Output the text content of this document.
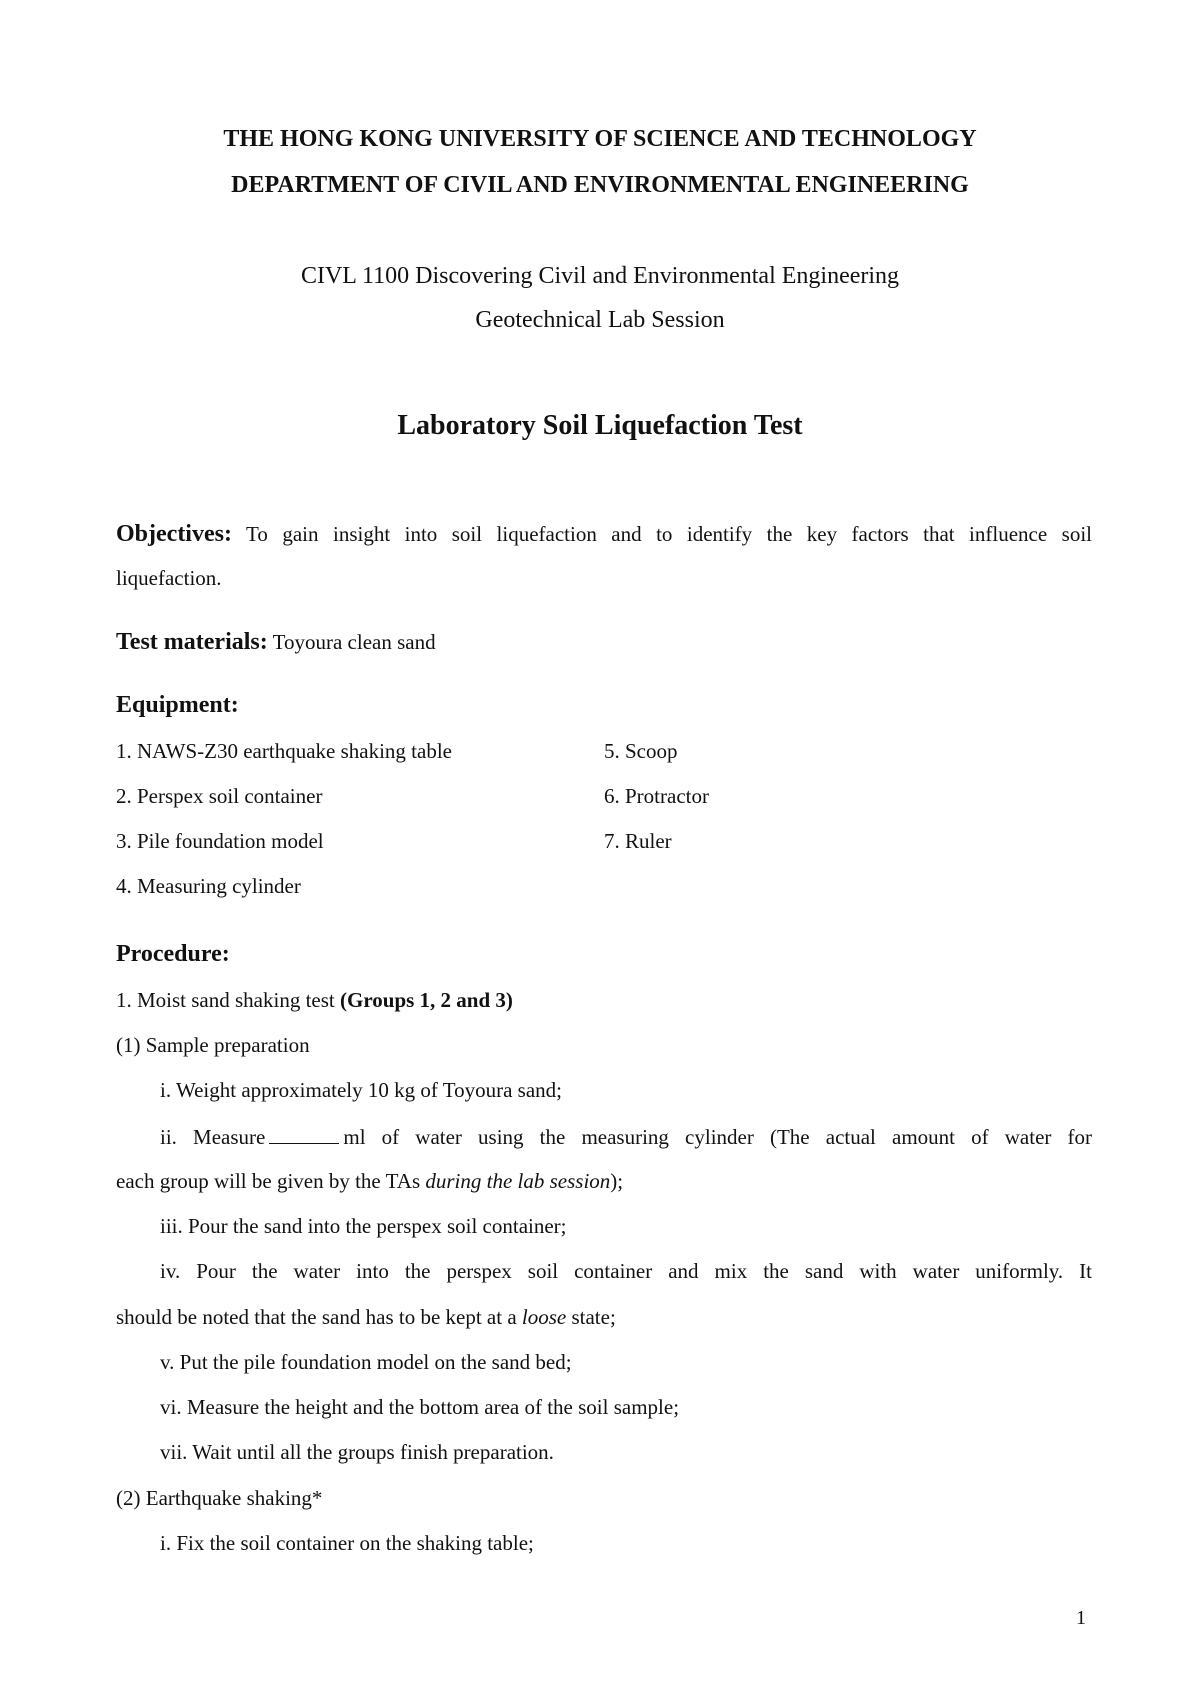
THE HONG KONG UNIVERSITY OF SCIENCE AND TECHNOLOGY
DEPARTMENT OF CIVIL AND ENVIRONMENTAL ENGINEERING
CIVL 1100 Discovering Civil and Environmental Engineering
Geotechnical Lab Session
Laboratory Soil Liquefaction Test
Objectives: To gain insight into soil liquefaction and to identify the key factors that influence soil
liquefaction.
Test materials: Toyoura clean sand
Equipment:
1. NAWS-Z30 earthquake shaking table
2. Perspex soil container
3. Pile foundation model
4. Measuring cylinder
5. Scoop
6. Protractor
7. Ruler
Procedure:
1. Moist sand shaking test (Groups 1, 2 and 3)
(1) Sample preparation
i. Weight approximately 10 kg of Toyoura sand;
ii. Measure	ml of water using the measuring cylinder (The actual amount of water for
each group will be given by the TAs during the lab session);
iii. Pour the sand into the perspex soil container;
iv. Pour the water into the perspex soil container and mix the sand with water uniformly. It
should be noted that the sand has to be kept at a loose state;
v. Put the pile foundation model on the sand bed;
vi. Measure the height and the bottom area of the soil sample;
vii. Wait until all the groups finish preparation.
(2) Earthquake shaking*
i. Fix the soil container on the shaking table;
1
